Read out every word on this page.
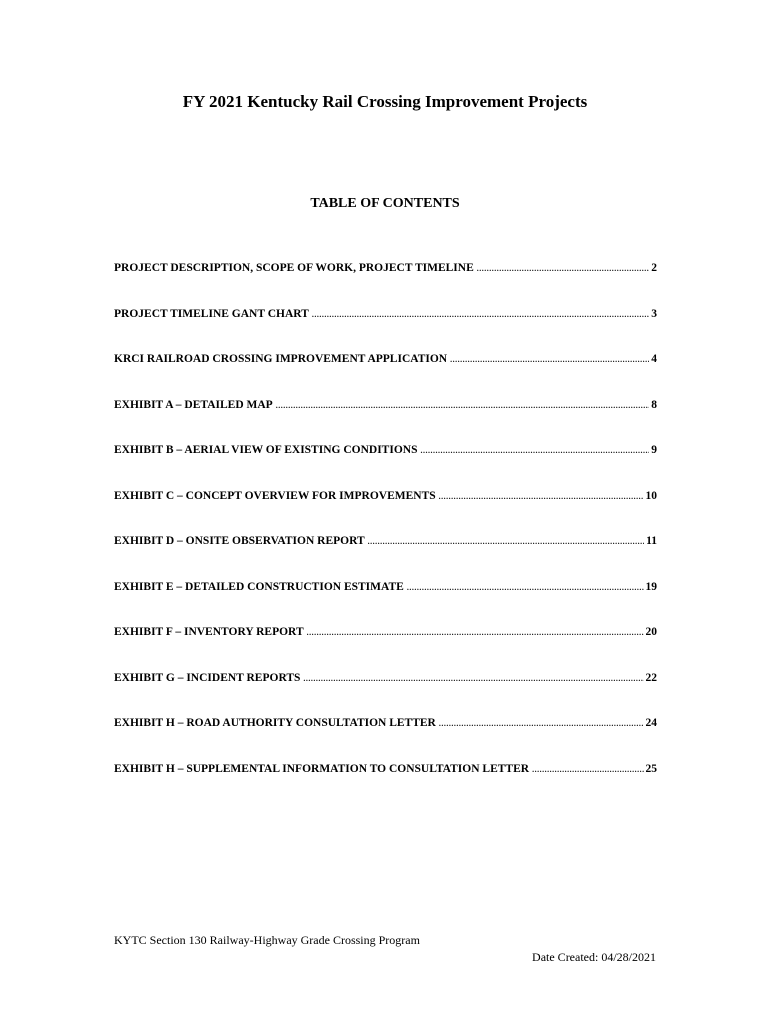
FY 2021 Kentucky Rail Crossing Improvement Projects
TABLE OF CONTENTS
PROJECT DESCRIPTION, SCOPE OF WORK, PROJECT TIMELINE .....	2
PROJECT TIMELINE GANT CHART .....	3
KRCI RAILROAD CROSSING IMPROVEMENT APPLICATION .....	4
EXHIBIT A – DETAILED MAP .....	8
EXHIBIT B – AERIAL VIEW OF EXISTING CONDITIONS .....	9
EXHIBIT C – CONCEPT OVERVIEW FOR IMPROVEMENTS .....	10
EXHIBIT D – ONSITE OBSERVATION REPORT .....	11
EXHIBIT E – DETAILED CONSTRUCTION ESTIMATE .....	19
EXHIBIT F – INVENTORY REPORT .....	20
EXHIBIT G – INCIDENT REPORTS .....	22
EXHIBIT H – ROAD AUTHORITY CONSULTATION LETTER .....	24
EXHIBIT H – SUPPLEMENTAL INFORMATION TO CONSULTATION LETTER .....	25
KYTC Section 130 Railway-Highway Grade Crossing Program
Date Created: 04/28/2021
